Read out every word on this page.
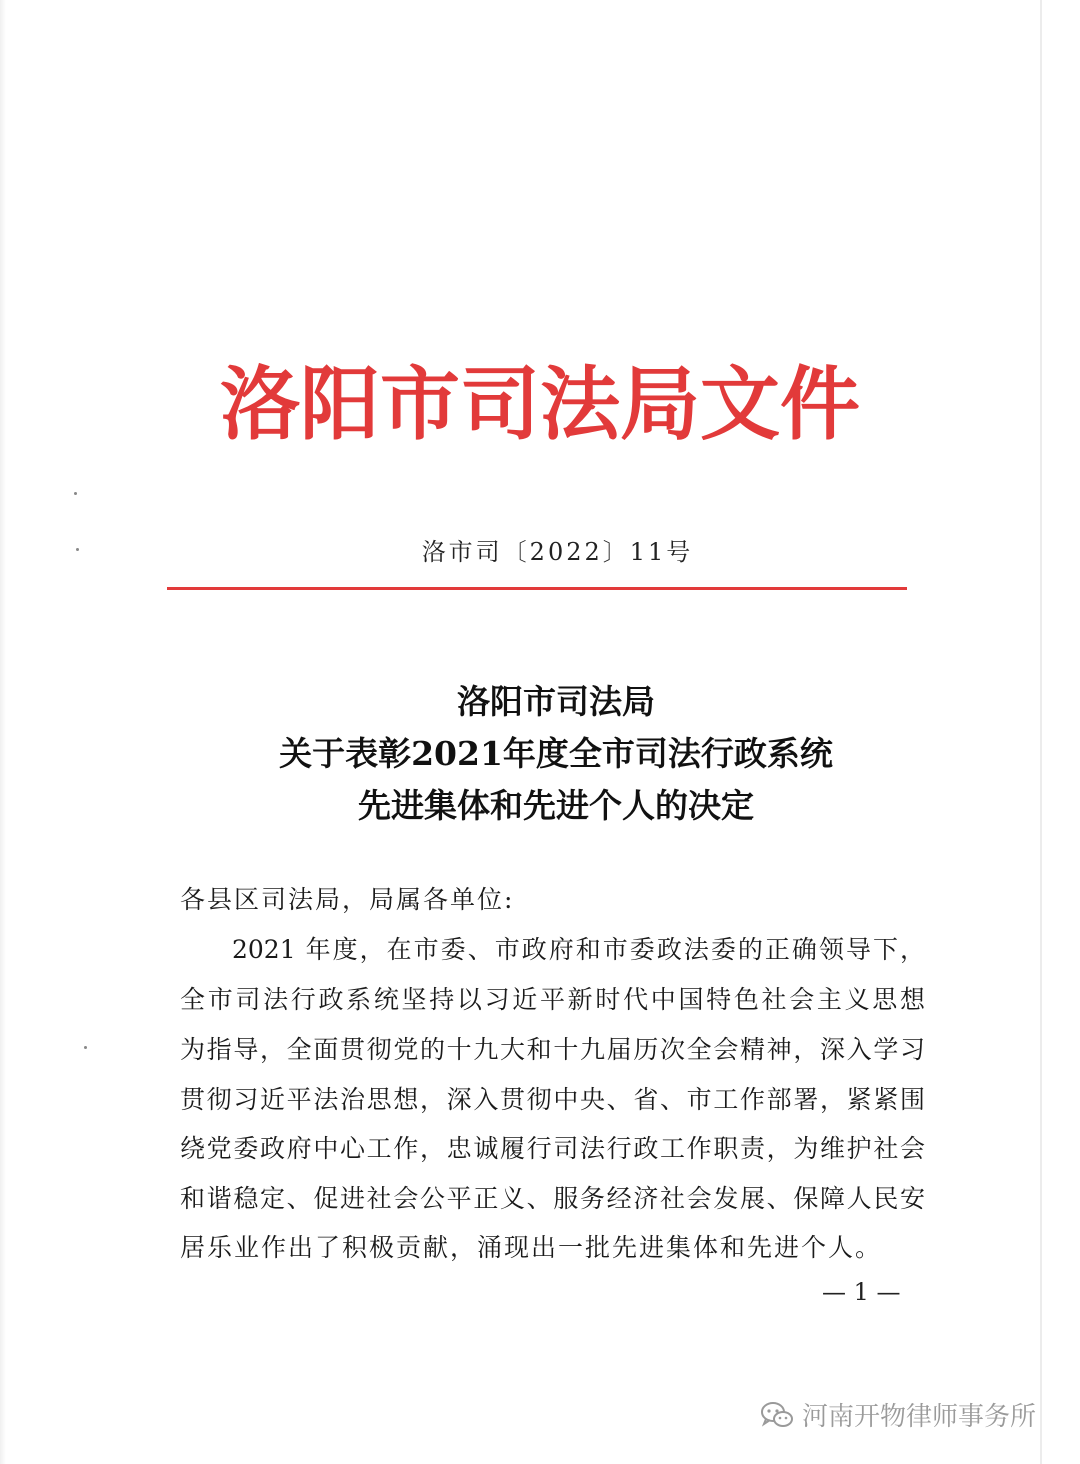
洛阳市司法局文件
洛市司〔2022〕11号
洛阳市司法局
关于表彰2021年度全市司法行政系统
先进集体和先进个人的决定
各县区司法局，局属各单位:
2021 年度，在市委、市政府和市委政法委的正确领导下，
全市司法行政系统坚持以习近平新时代中国特色社会主义思想
为指导，全面贯彻党的十九大和十九届历次全会精神，深入学习
贯彻习近平法治思想，深入贯彻中央、省、市工作部署，紧紧围
绕党委政府中心工作，忠诚履行司法行政工作职责，为维护社会
和谐稳定、促进社会公平正义、服务经济社会发展、保障人民安
居乐业作出了积极贡献，涌现出一批先进集体和先进个人。
— 1 —
河南开物律师事务所
